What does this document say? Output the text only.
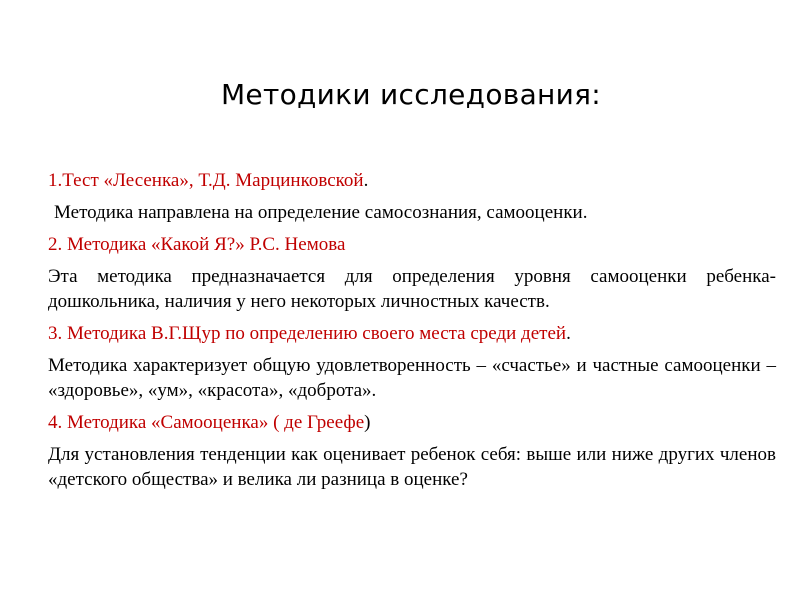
Методики исследования:

1.Тест «Лесенка», Т.Д. Марцинковской.

Методика направлена на определение самосознания, самооценки.

2. Методика «Какой Я?» Р.С. Немова

Эта методика предназначается для определения уровня самооценки ребенка-дошкольника, наличия у него некоторых личностных качеств.

3. Методика В.Г.Щур по определению своего места среди детей.

Методика характеризует общую удовлетворенность – «счастье» и частные самооценки – «здоровье», «ум», «красота», «доброта».

4. Методика «Самооценка» ( де Греефе)

Для установления тенденции как оценивает ребенок себя: выше или ниже других членов «детского общества» и велика ли разница в оценке?
